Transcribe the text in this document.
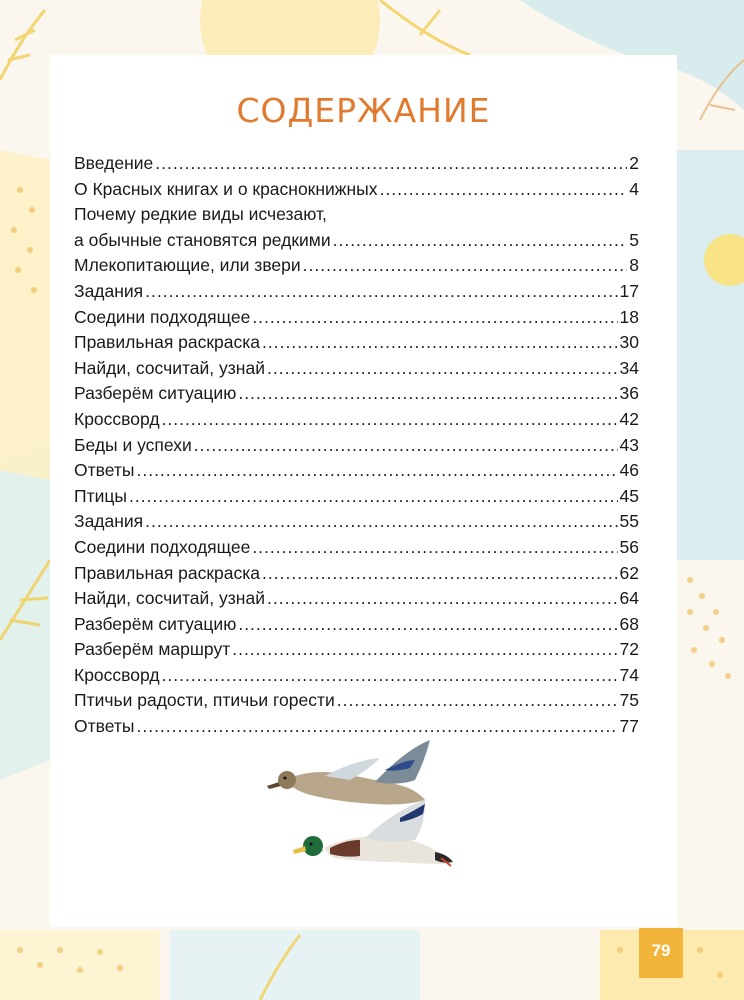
СОДЕРЖАНИЕ
Введение .....	2
О Красных книгах и о краснокнижных .....	4
Почему редкие виды исчезают,
а обычные становятся редкими .....	5
Млекопитающие, или звери .....	8
Задания .....	17
Соедини подходящее .....	18
Правильная раскраска .....	30
Найди, сосчитай, узнай .....	34
Разберём ситуацию .....	36
Кроссворд .....	42
Беды и успехи .....	43
Ответы .....	46
Птицы .....	45
Задания .....	55
Соедини подходящее .....	56
Правильная раскраска .....	62
Найди, сосчитай, узнай .....	64
Разберём ситуацию .....	68
Разберём маршрут .....	72
Кроссворд .....	74
Птичьи радости, птичьи горести .....	75
Ответы .....	77
79
